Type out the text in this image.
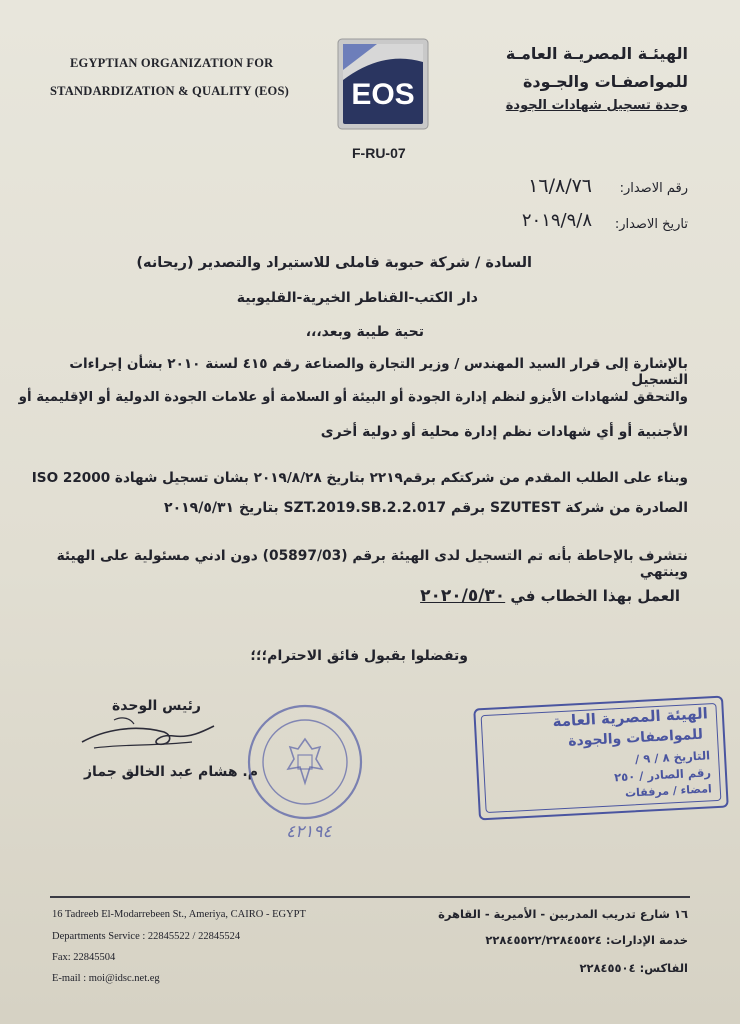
EGYPTIAN ORGANIZATION FOR
STANDARDIZATION & QUALITY (EOS) EOS
F-RU-07
الهيئـة المصريـة العامـة
للمواصفـات والجـودة
وحدة تسجيل شهادات الجودة
رقم الاصدار:
١٦/٨/٧٦
تاريخ الاصدار:
٢٠١٩/٩/٨
السادة / شركة حبوبة فاملى للاستيراد والتصدير (ريحانه)
دار الكتب-القناطر الخيرية-القليوبية
تحية طيبة وبعد،،،
بالإشارة إلى قرار السيد المهندس / وزير التجارة والصناعة رقم ٤١٥ لسنة ٢٠١٠ بشأن إجراءات التسجيل
والتحقق لشهادات الأيزو لنظم إدارة الجودة أو البيئة أو السلامة أو علامات الجودة الدولية أو الإقليمية أو
الأجنبية أو أي شهادات نظم إدارة محلية أو دولية أخرى
وبناء على الطلب المقدم من شركتكم برقم٢٢١٩ بتاريخ ٢٠١٩/٨/٢٨ بشان تسجيل شهادة ISO 22000
الصادرة من شركة SZUTEST برقم SZT.2019.SB.2.2.017 بتاريخ ٢٠١٩/٥/٣١
نتشرف بالإحاطة بأنه تم التسجيل لدى الهيئة برقم (05897/03) دون ادني مسئولية على الهيئة وينتهي
العمل بهذا الخطاب في ٢٠٢٠/٥/٣٠
وتفضلوا بقبول فائق الاحترام؛؛؛
رئيس الوحدة
م. هشام عبد الخالق جماز
٤٢١٩٤
الهيئة المصرية العامة
للمواصفات والجودة
التاريخ ٨ / ٩ /
رقم الصادر / ٢٥٠
امضاء / مرفقات
16 Tadreeb El-Modarrebeen St., Ameriya, CAIRO - EGYPT
Departments Service : 22845522 / 22845524
Fax: 22845504
E-mail : moi@idsc.net.eg
١٦ شارع تدريب المدربين - الأميرية - القاهرة
خدمة الإدارات: ٢٢٨٤٥٥٢٢/٢٢٨٤٥٥٢٤
الفاكس: ٢٢٨٤٥٥٠٤
